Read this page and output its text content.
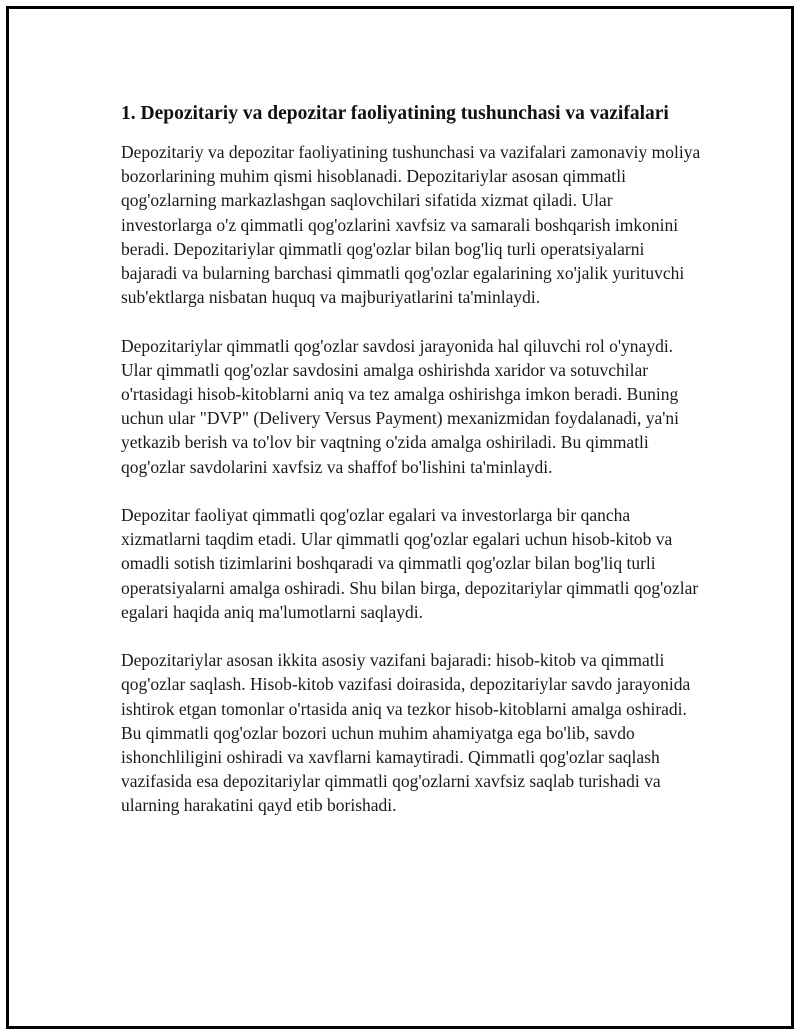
1. Depozitariy va depozitar faoliyatining tushunchasi va vazifalari

Depozitariy va depozitar faoliyatining tushunchasi va vazifalari zamonaviy moliya bozorlarining muhim qismi hisoblanadi. Depozitariylar asosan qimmatli qog'ozlarning markazlashgan saqlovchilari sifatida xizmat qiladi. Ular investorlarga o'z qimmatli qog'ozlarini xavfsiz va samarali boshqarish imkonini beradi. Depozitariylar qimmatli qog'ozlar bilan bog'liq turli operatsiyalarni bajaradi va bularning barchasi qimmatli qog'ozlar egalarining xo'jalik yurituvchi sub'ektlarga nisbatan huquq va majburiyatlarini ta'minlaydi.

Depozitariylar qimmatli qog'ozlar savdosi jarayonida hal qiluvchi rol o'ynaydi. Ular qimmatli qog'ozlar savdosini amalga oshirishda xaridor va sotuvchilar o'rtasidagi hisob-kitoblarni aniq va tez amalga oshirishga imkon beradi. Buning uchun ular "DVP" (Delivery Versus Payment) mexanizmidan foydalanadi, ya'ni yetkazib berish va to'lov bir vaqtning o'zida amalga oshiriladi. Bu qimmatli qog'ozlar savdolarini xavfsiz va shaffof bo'lishini ta'minlaydi.

Depozitar faoliyat qimmatli qog'ozlar egalari va investorlarga bir qancha xizmatlarni taqdim etadi. Ular qimmatli qog'ozlar egalari uchun hisob-kitob va omadli sotish tizimlarini boshqaradi va qimmatli qog'ozlar bilan bog'liq turli operatsiyalarni amalga oshiradi. Shu bilan birga, depozitariylar qimmatli qog'ozlar egalari haqida aniq ma'lumotlarni saqlaydi.

Depozitariylar asosan ikkita asosiy vazifani bajaradi: hisob-kitob va qimmatli qog'ozlar saqlash. Hisob-kitob vazifasi doirasida, depozitariylar savdo jarayonida ishtirok etgan tomonlar o'rtasida aniq va tezkor hisob-kitoblarni amalga oshiradi. Bu qimmatli qog'ozlar bozori uchun muhim ahamiyatga ega bo'lib, savdo ishonchliligini oshiradi va xavflarni kamaytiradi. Qimmatli qog'ozlar saqlash vazifasida esa depozitariylar qimmatli qog'ozlarni xavfsiz saqlab turishadi va ularning harakatini qayd etib borishadi.
